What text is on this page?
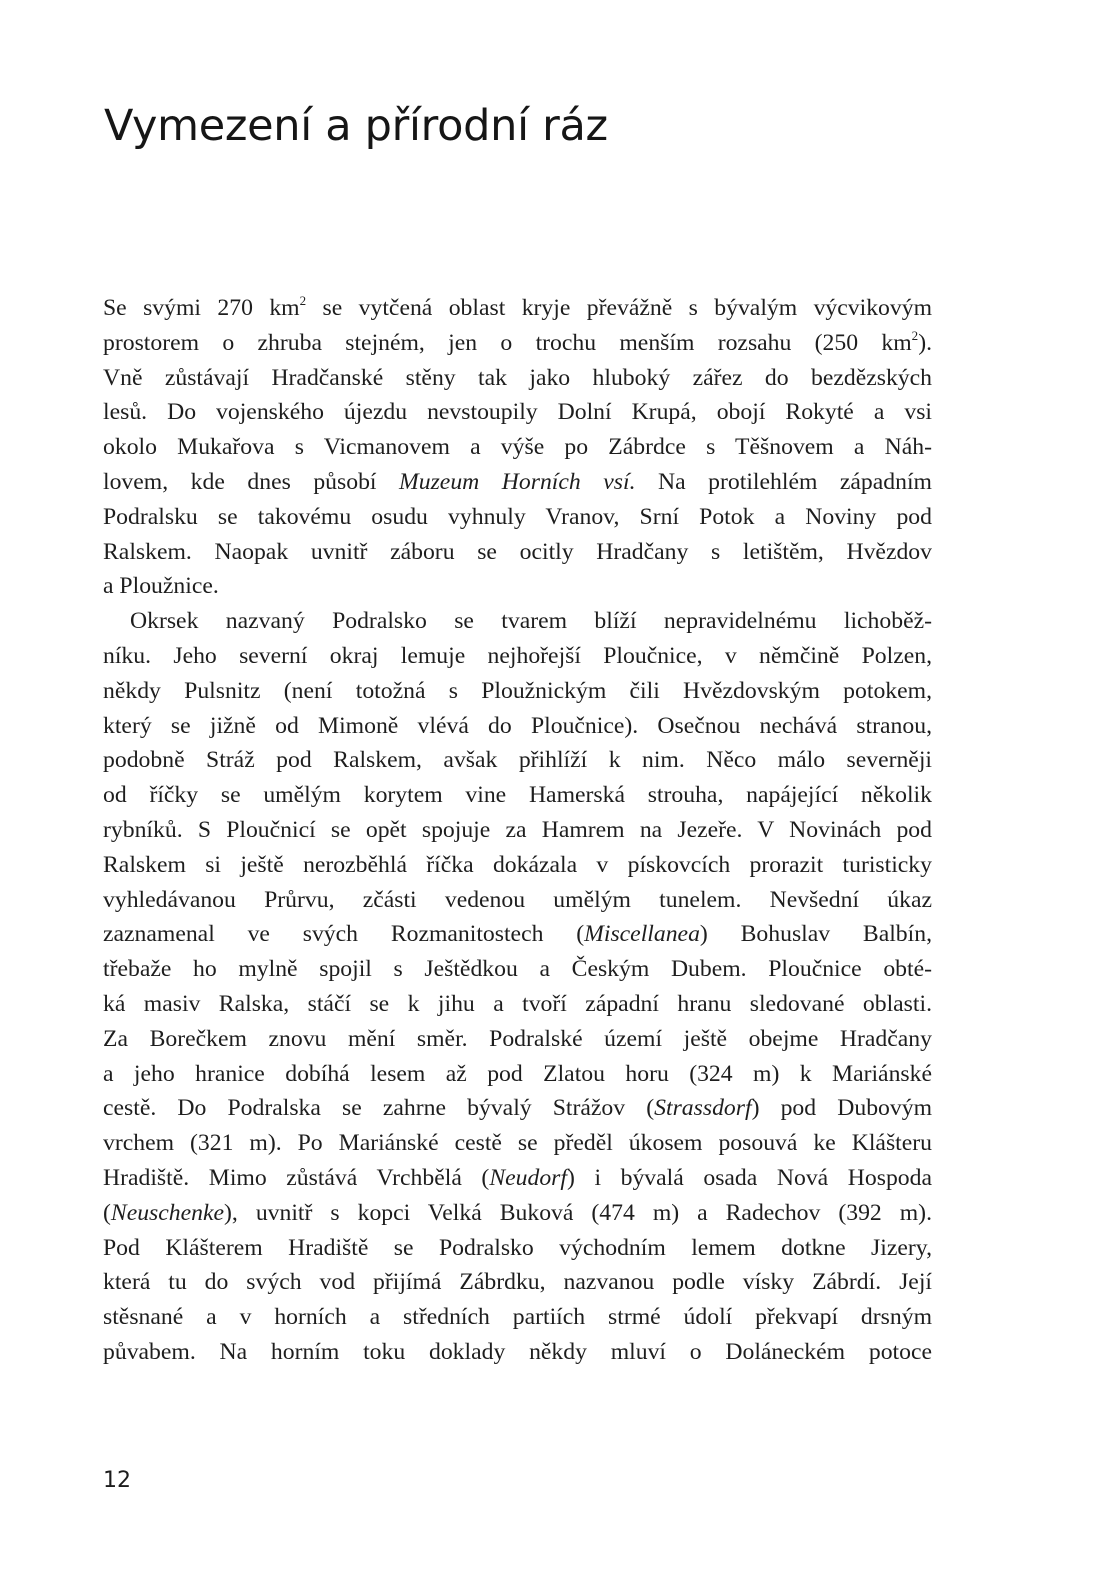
Vymezení a přírodní ráz

Se svými 270 $km^2$ se vytčená oblast kryje převážně s bývalým výcvikovým
prostorem o zhruba stejném, jen o trochu menším rozsahu (250 $km^2$).
Vně zůstávají Hradčanské stěny tak jako hluboký zářez do bezdězských
lesů. Do vojenského újezdu nevstoupily Dolní Krupá, obojí Rokyté a vsi
okolo Mukařova s Vicmanovem a výše po Zábrdce s Těšnovem a Náh-
lovem, kde dnes působí Muzeum Horních vsí. Na protilehlém západním
Podralsku se takovému osudu vyhnuly Vranov, Srní Potok a Noviny pod
Ralskem. Naopak uvnitř záboru se ocitly Hradčany s letištěm, Hvězdov
a Ploužnice.

Okrsek nazvaný Podralsko se tvarem blíží nepravidelnému lichoběž-
níku. Jeho severní okraj lemuje nejhořejší Ploučnice, v němčině Polzen,
někdy Pulsnitz (není totožná s Ploužnickým čili Hvězdovským potokem,
který se jižně od Mimoně vlévá do Ploučnice). Osečnou nechává stranou,
podobně Stráž pod Ralskem, avšak přihlíží k nim. Něco málo severněji
od říčky se umělým korytem vine Hamerská strouha, napájející několik
rybníků. S Ploučnicí se opět spojuje za Hamrem na Jezeře. V Novinách pod
Ralskem si ještě nerozběhlá říčka dokázala v pískovcích prorazit turisticky
vyhledávanou Průrvu, zčásti vedenou umělým tunelem. Nevšední úkaz
zaznamenal ve svých Rozmanitostech (Miscellanea) Bohuslav Balbín,
třebaže ho mylně spojil s Ještědkou a Českým Dubem. Ploučnice obté-
ká masiv Ralska, stáčí se k jihu a tvoří západní hranu sledované oblasti.
Za Borečkem znovu mění směr. Podralské území ještě obejme Hradčany
a jeho hranice dobíhá lesem až pod Zlatou horu (324 m) k Mariánské
cestě. Do Podralska se zahrne bývalý Strážov (Strassdorf) pod Dubovým
vrchem (321 m). Po Mariánské cestě se předěl úkosem posouvá ke Klášteru
Hradiště. Mimo zůstává Vrchbělá (Neudorf) i bývalá osada Nová Hospoda
(Neuschenke), uvnitř s kopci Velká Buková (474 m) a Radechov (392 m).
Pod Klášterem Hradiště se Podralsko východním lemem dotkne Jizery,
která tu do svých vod přijímá Zábrdku, nazvanou podle vísky Zábrdí. Její
stěsnané a v horních a středních partiích strmé údolí překvapí drsným
půvabem. Na horním toku doklady někdy mluví o Doláneckém potoce

12
